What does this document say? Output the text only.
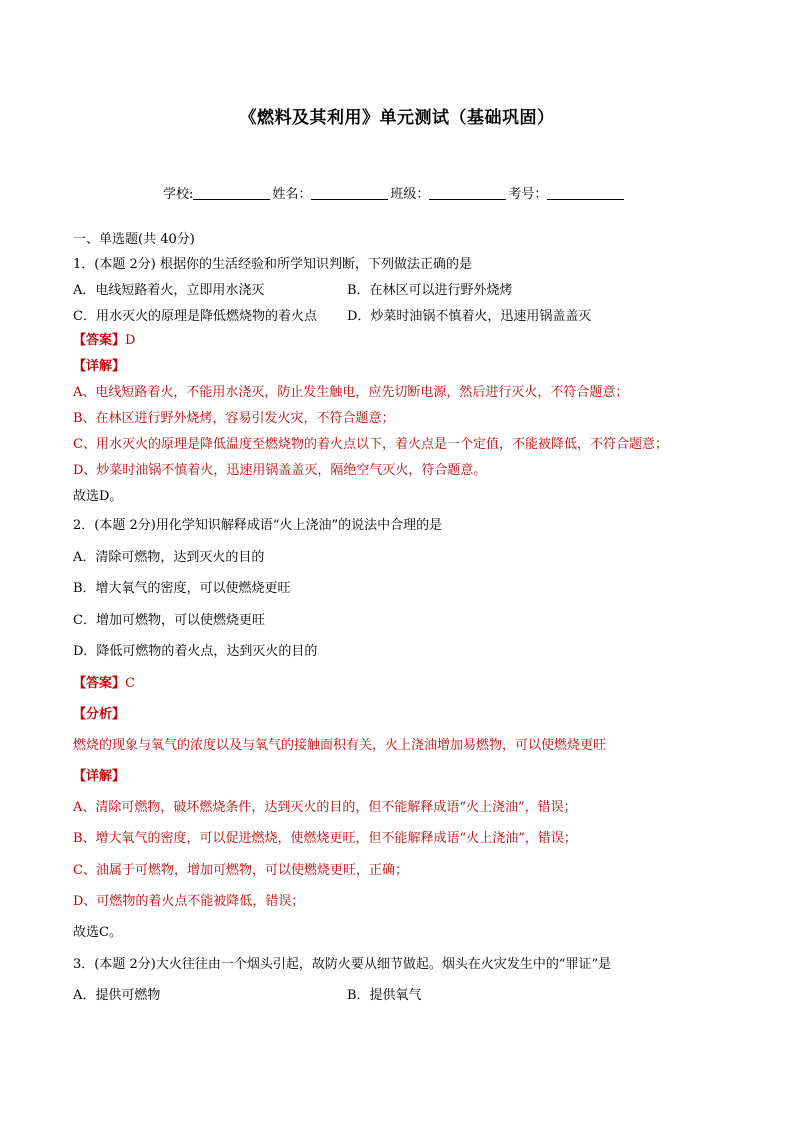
《燃料及其利用》单元测试（基础巩固）
学校:	姓名：	班级：	考号：
一、单选题(共 40分)
1．(本题 2分) 根据你的生活经验和所学知识判断，下列做法正确的是
A．电线短路着火，立即用水浇灭	B．在林区可以进行野外烧烤
C．用水灭火的原理是降低燃烧物的着火点 D．炒菜时油锅不慎着火，迅速用锅盖盖灭
【答案】D
【详解】
A、电线短路着火，不能用水浇灭，防止发生触电，应先切断电源，然后进行灭火，不符合题意；
B、在林区进行野外烧烤，容易引发火灾，不符合题意；
C、用水灭火的原理是降低温度至燃烧物的着火点以下，着火点是一个定值，不能被降低，不符合题意；
D、炒菜时油锅不慎着火，迅速用锅盖盖灭，隔绝空气灭火，符合题意。
故选D。
2．(本题 2分)用化学知识解释成语“火上浇油”的说法中合理的是
A．清除可燃物，达到灭火的目的
B．增大氧气的密度，可以使燃烧更旺
C．增加可燃物，可以使燃烧更旺
D．降低可燃物的着火点，达到灭火的目的
【答案】C
【分析】
燃烧的现象与氧气的浓度以及与氧气的接触面积有关，火上浇油增加易燃物，可以使燃烧更旺
【详解】
A、清除可燃物，破坏燃烧条件，达到灭火的目的，但不能解释成语“火上浇油”，错误；
B、增大氧气的密度，可以促进燃烧，使燃烧更旺，但不能解释成语“火上浇油”，错误；
C、油属于可燃物，增加可燃物，可以使燃烧更旺，正确；
D、可燃物的着火点不能被降低，错误；
故选C。
3．(本题 2分)大火往往由一个烟头引起，故防火要从细节做起。烟头在火灾发生中的“罪证”是
A．提供可燃物	B．提供氧气
